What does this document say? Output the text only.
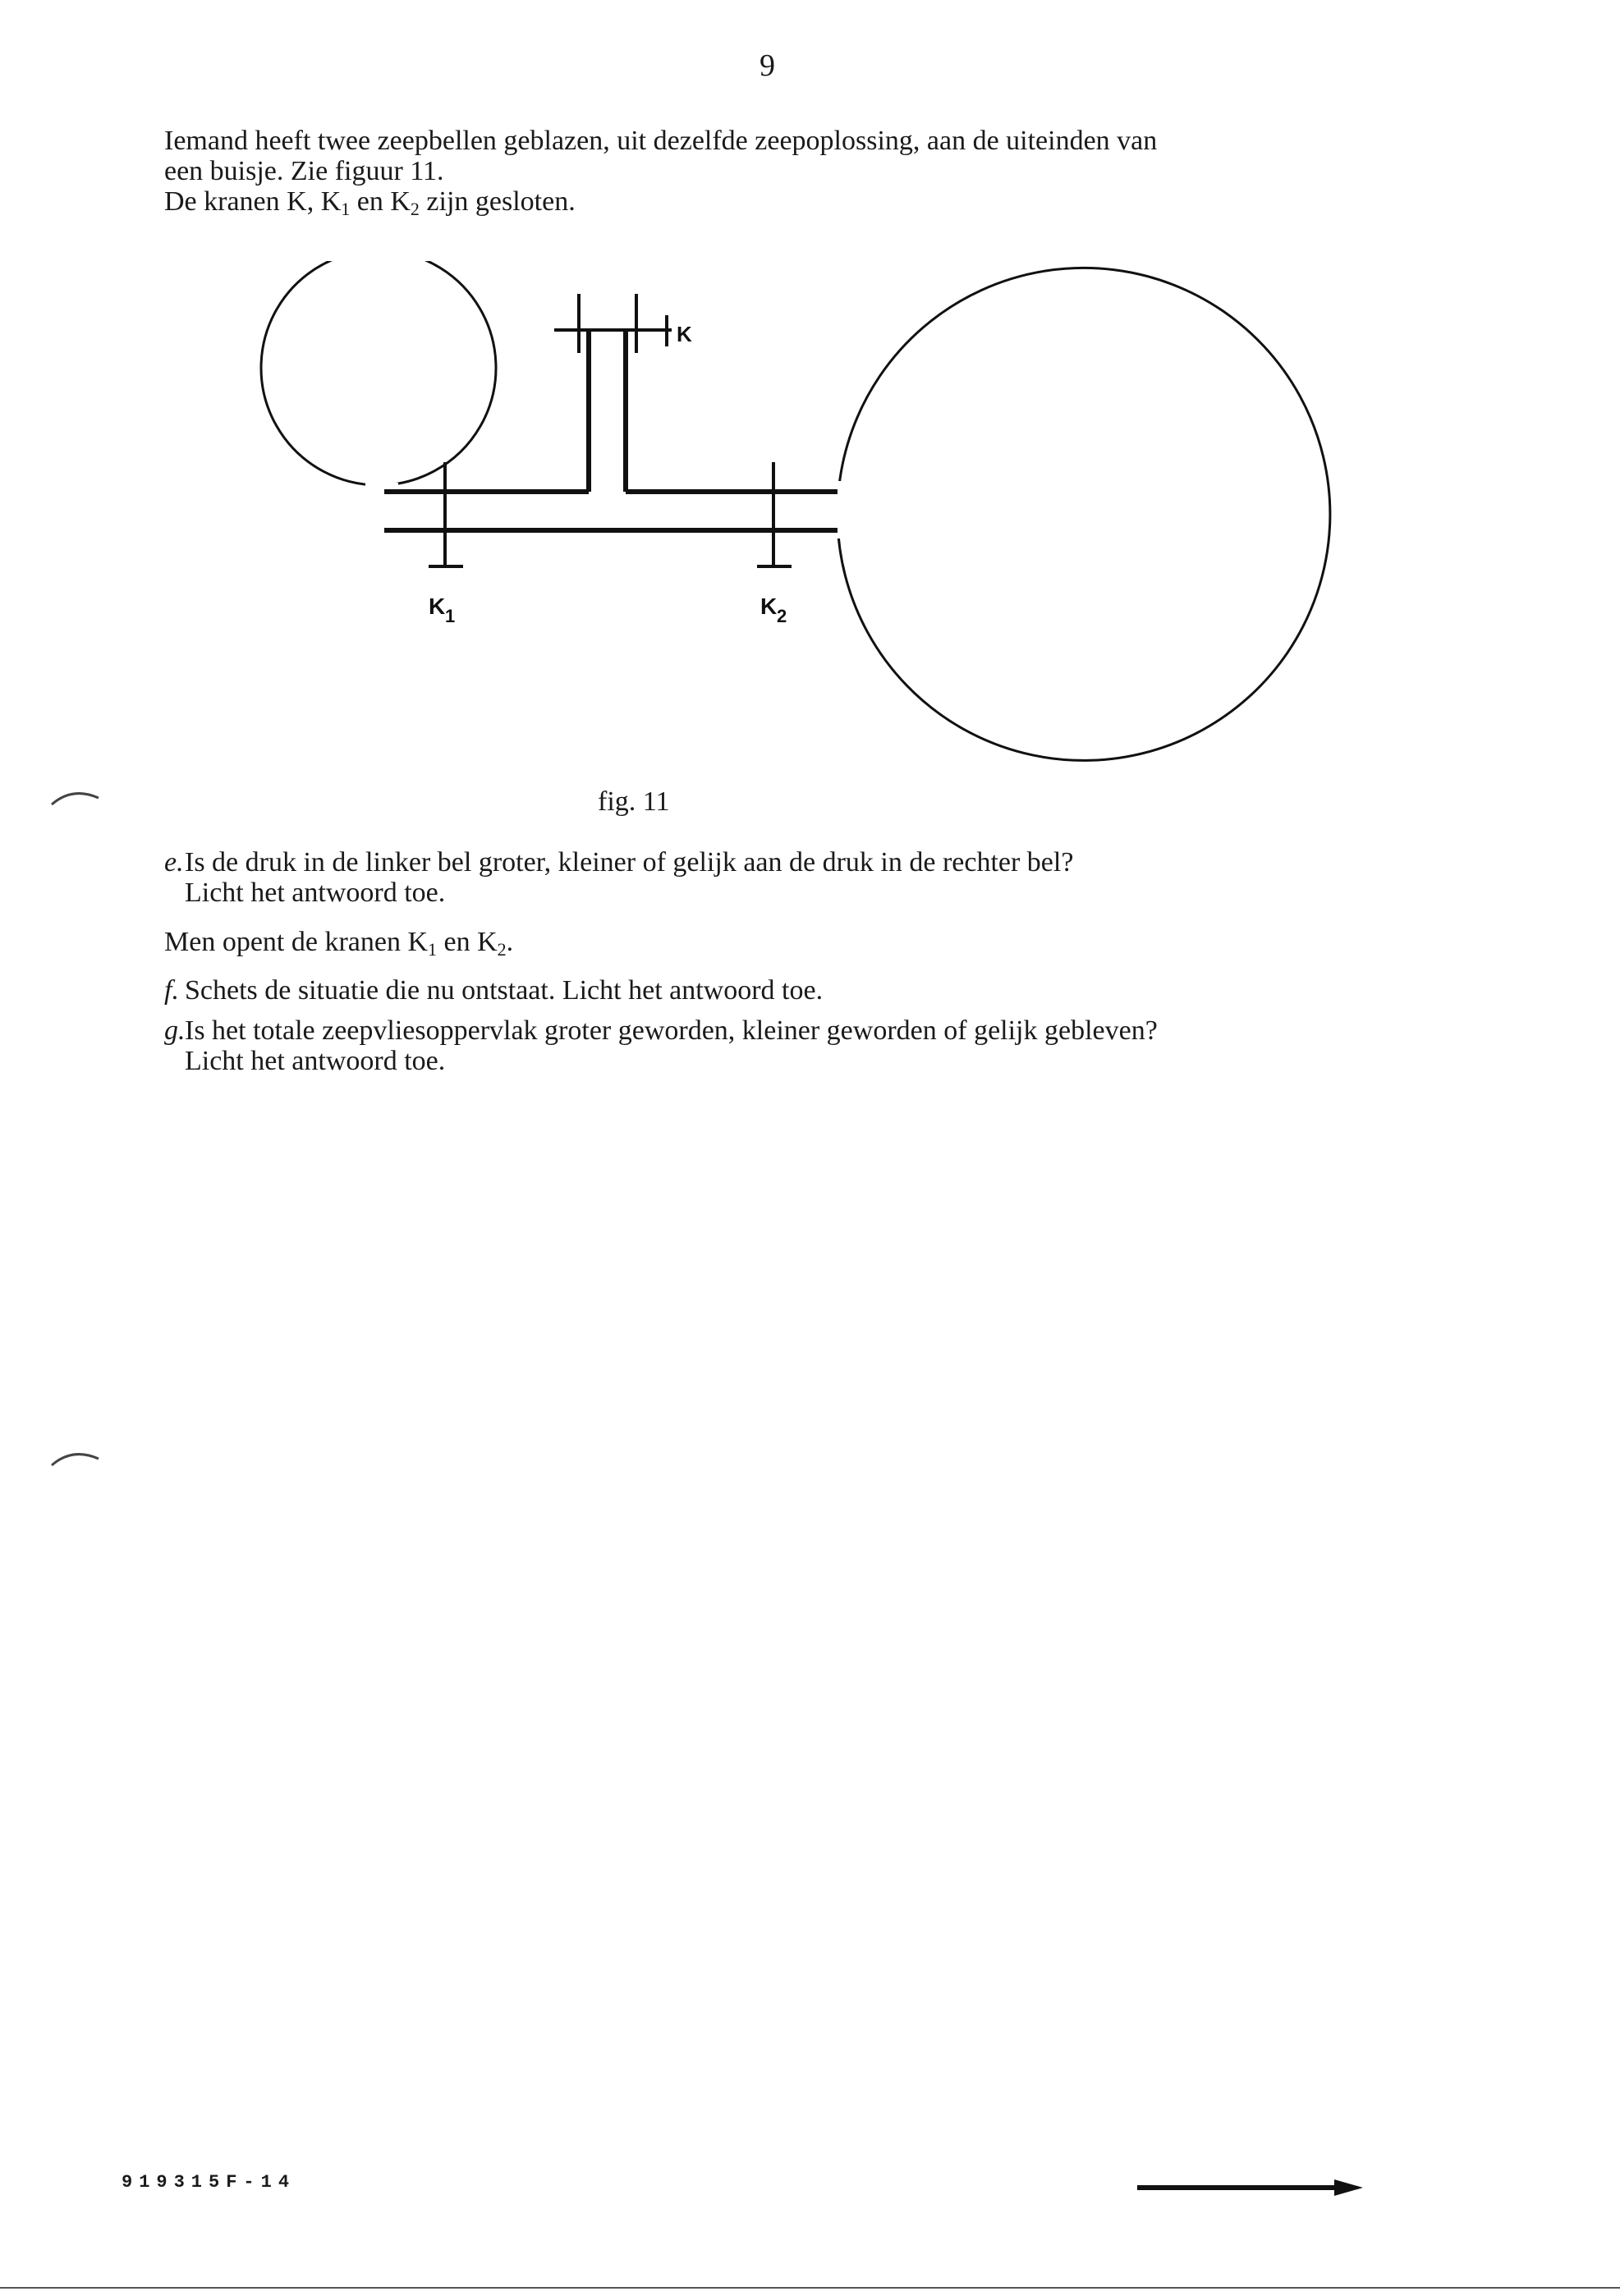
9
Iemand heeft twee zeepbellen geblazen, uit dezelfde zeepoplossing, aan de uiteinden van
een buisje. Zie figuur 11.
De kranen K, $K_1$ en $K_2$ zijn gesloten.
K
K 1	K 2
fig. 11
e.Is de druk in de linker bel groter, kleiner of gelijk aan de druk in de rechter bel?
Licht het antwoord toe.
Men opent de kranen $K_1$ en $K_2$.
f. Schets de situatie die nu ontstaat. Licht het antwoord toe.
g.Is het totale zeepvliesoppervlak groter geworden, kleiner geworden of gelijk gebleven?
Licht het antwoord toe.
919315F-14
